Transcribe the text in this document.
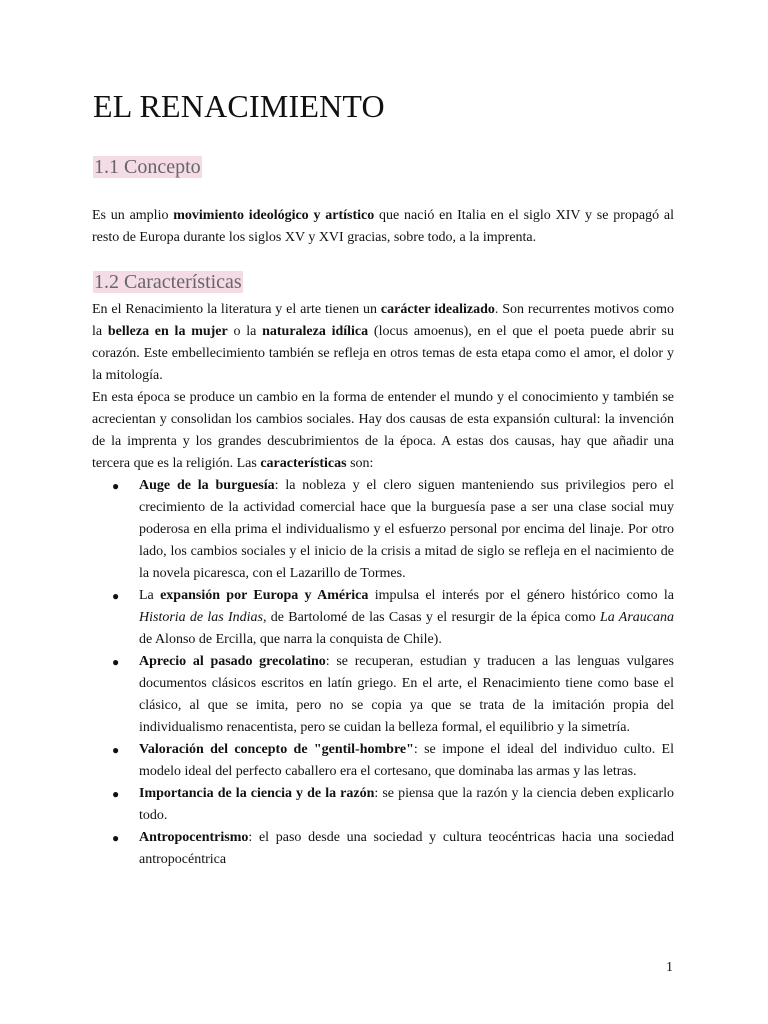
EL RENACIMIENTO
1.1 Concepto

Es un amplio movimiento ideológico y artístico que nació en Italia en el siglo XIV y se propagó al resto de Europa durante los siglos XV y XVI gracias, sobre todo, a la imprenta.

1.2 Características

En el Renacimiento la literatura y el arte tienen un carácter idealizado. Son recurrentes motivos como la belleza en la mujer o la naturaleza idílica (locus amoenus), en el que el poeta puede abrir su corazón. Este embellecimiento también se refleja en otros temas de esta etapa como el amor, el dolor y la mitología.

En esta época se produce un cambio en la forma de entender el mundo y el conocimiento y también se acrecientan y consolidan los cambios sociales. Hay dos causas de esta expansión cultural: la invención de la imprenta y los grandes descubrimientos de la época. A estas dos causas, hay que añadir una tercera que es la religión. Las características son:

● Auge de la burguesía: la nobleza y el clero siguen manteniendo sus privilegios pero el crecimiento de la actividad comercial hace que la burguesía pase a ser una clase social muy poderosa en ella prima el individualismo y el esfuerzo personal por encima del linaje. Por otro lado, los cambios sociales y el inicio de la crisis a mitad de siglo se refleja en el nacimiento de la novela picaresca, con el Lazarillo de Tormes.
● La expansión por Europa y América impulsa el interés por el género histórico como la Historia de las Indias, de Bartolomé de las Casas y el resurgir de la épica como La Araucana de Alonso de Ercilla, que narra la conquista de Chile).
● Aprecio al pasado grecolatino: se recuperan, estudian y traducen a las lenguas vulgares documentos clásicos escritos en latín griego. En el arte, el Renacimiento tiene como base el clásico, al que se imita, pero no se copia ya que se trata de la imitación propia del individualismo renacentista, pero se cuidan la belleza formal, el equilibrio y la simetría.
● Valoración del concepto de "gentil-hombre": se impone el ideal del individuo culto. El modelo ideal del perfecto caballero era el cortesano, que dominaba las armas y las letras.
● Importancia de la ciencia y de la razón: se piensa que la razón y la ciencia deben explicarlo todo.
● Antropocentrismo: el paso desde una sociedad y cultura teocéntricas hacia una sociedad antropocéntrica
1
